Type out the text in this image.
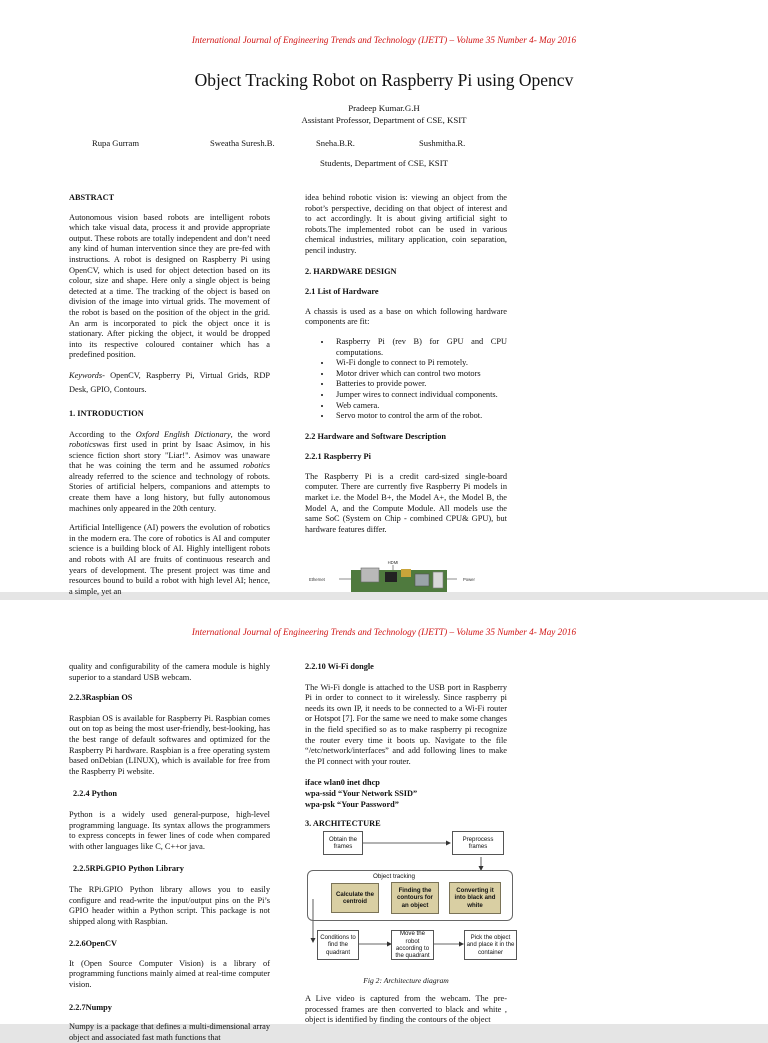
International Journal of Engineering Trends and Technology (IJETT) – Volume 35 Number 4- May 2016
Object Tracking Robot on Raspberry Pi using Opencv
Pradeep Kumar.G.H
Assistant Professor, Department of CSE, KSIT
Rupa Gurram	Sweatha Suresh.B.	Sneha.B.R.	Sushmitha.R.
Students, Department of CSE, KSIT

ABSTRACT

Autonomous vision based robots are intelligent robots which take visual data, process it and provide appropriate output. These robots are totally independent and don’t need any kind of human intervention since they are pre-fed with instructions. A robot is designed on Raspberry Pi using OpenCV, which is used for object detection based on its colour, size and shape. Here only a single object is being detected at a time. The tracking of the object is based on division of the image into virtual grids. The movement of the robot is based on the position of the object in the grid. An arm is incorporated to pick the object once it is stationary. After picking the object, it would be dropped into its respective coloured container which has a predefined position.

Keywords- OpenCV, Raspberry Pi, Virtual Grids, RDP Desk, GPIO, Contours.

1. INTRODUCTION

According to the Oxford English Dictionary, the word roboticswas first used in print by Isaac Asimov, in his science fiction short story "Liar!". Asimov was unaware that he was coining the term and he assumed robotics already referred to the science and technology of robots. Stories of artificial helpers, companions and attempts to create them have a long history, but fully autonomous machines only appeared in the 20th century.

Artificial Intelligence (AI) powers the evolution of robotics in the modern era. The core of robotics is AI and computer science is a building block of AI. Highly intelligent robots and robots with AI are fruits of continuous research and years of development. The present project was time and resources bound to build a robot with high level AI; hence, a simple, yet an

idea behind robotic vision is: viewing an object from the robot’s perspective, deciding on that object of interest and to act accordingly. It is about giving artificial sight to robots.The implemented robot can be used in various chemical industries, military application, coin separation, pencil industry.

2. HARDWARE DESIGN

2.1 List of Hardware

A chassis is used as a base on which following hardware components are fit:

• Raspberry Pi (rev B) for GPU and CPU computations.
• Wi-Fi dongle to connect to Pi remotely.
• Motor driver which can control two motors
• Batteries to provide power.
• Jumper wires to connect individual components.
• Web camera.
• Servo motor to control the arm of the robot.

2.2 Hardware and Software Description

2.2.1 Raspberry Pi

The Raspberry Pi is a credit card-sized single-board computer. There are currently five Raspberry Pi models in market i.e. the Model B+, the Model A+, the Model B, the Model A, and the Compute Module. All models use the same SoC (System on Chip - combined CPU& GPU), but hardware features differ.

HDMI
Ethernet	Power
International Journal of Engineering Trends and Technology (IJETT) – Volume 35 Number 4- May 2016

quality and configurability of the camera module is highly superior to a standard USB webcam.

2.2.3Raspbian OS

Raspbian OS is available for Raspberry Pi. Raspbian comes out on top as being the most user-friendly, best-looking, has the best range of default softwares and optimized for the Raspberry Pi hardware. Raspbian is a free operating system based onDebian (LINUX), which is available for free from the Raspberry Pi website.

2.2.4 Python

Python is a widely used general-purpose, high-level programming language. Its syntax allows the programmers to express concepts in fewer lines of code when compared with other languages like C, C++or java.

2.2.5RPi.GPIO Python Library

The RPi.GPIO Python library allows you to easily configure and read-write the input/output pins on the Pi’s GPIO header within a Python script. This package is not shipped along with Raspbian.

2.2.6OpenCV

It (Open Source Computer Vision) is a library of programming functions mainly aimed at real-time computer vision.

2.2.7Numpy

Numpy is a package that defines a multi-dimensional array object and associated fast math functions that

2.2.10 Wi-Fi dongle

The Wi-Fi dongle is attached to the USB port in Raspberry Pi in order to connect to it wirelessly. Since raspberry pi needs its own IP, it needs to be connected to a Wi-Fi router or Hotspot [7]. For the same we need to make some changes in the field specified so as to make raspberry pi recognize the router every time it boots up. Navigate to the file “/etc/network/interfaces” and add following lines to make the PI connect with your router.

iface wlan0 inet dhcp
wpa-ssid “Your Network SSID”
wpa-psk “Your Password”

3. ARCHITECTURE

Obtain the frames
Preprocess frames
Object tracking
Calculate the centroid
Finding the contours for an object
Converting it into black and white
Conditions to find the quadrant
Move the robot according to the quadrant
Pick the object and place it in the container
Fig 2: Architecture diagram

A Live video is captured from the webcam. The pre-processed frames are then converted to black and white , object is identified by finding the contours of the object
